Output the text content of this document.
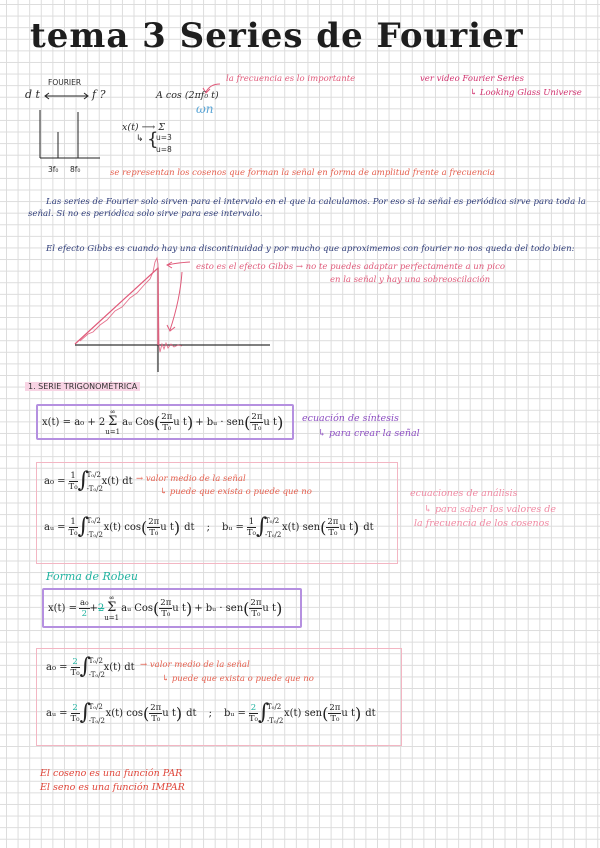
tema 3 Series de Fourier
FOURIER
d t	f ?
3f₀ 8f₀
A cos (2πf₀ t)
ωn
la frecuencia es lo importante	ver video Fourier Series
↳ Looking Glass Universe
x(t) ⟶ Σ
↳ {
u=3
u=8
se representan los cosenos que forman la señal en forma de amplitud frente a frecuencia
Las series de Fourier solo sirven para el intervalo en el que la calculamos. Por eso si la señal es periódica sirve para toda la señal. Si no es periódica solo sirve para ese intervalo.
El efecto Gibbs es cuando hay una discontinuidad y por mucho que aproximemos con fourier no nos queda del todo bien:
esto es el efecto Gibbs → no te puedes adaptar perfectamente a un pico
en la señal y hay una sobreoscilación
1. SERIE TRIGONOMÉTRICA
x(t) = a₀ + 2
∞
Σ
u=1
aᵤ Cos ( $\frac{2\pi}{\text{T₀}}$ u t ) + bᵤ · sen ( $\frac{2\pi}{\text{T₀}}$ u t ) ecuación de síntesis
↳ para crear la señal
$a_0 = \frac{1}{\text{T₀}}$ ∫
T₀/2
-T₀/2
x(t) dt → valor medio de la señal
↳ puede que exista o puede que no
aᵤ = $\frac{1}{\text{T₀}}$ ∫
T₀/2
-T₀/2
x(t) cos ( $\frac{2\pi}{\text{T₀}}$ u t ) dt ; bᵤ = $\frac{1}{\text{T₀}}$ ∫
T₀/2
-T₀/2
x(t) sen ( $\frac{2\pi}{\text{T₀}}$ u t ) dt
ecuaciones de análisis
↳ para saber los valores de
la frecuencia de los cosenos
Forma de Robeu
$x(t) = \frac{\text{a₀}}{2} + 2$
∞
Σ
u=1
aᵤ Cos ( $\frac{2\pi}{\text{T₀}}$ u t ) + bᵤ · sen ( $\frac{2\pi}{\text{T₀}}$ u t )
$a_0 = \frac{2}{\text{T₀}}$ ∫
T₀/2
-T₀/2
x(t) dt → valor medio de la señal
↳ puede que exista o puede que no
aᵤ = $\frac{2}{\text{T₀}}$ ∫
T₀/2
-T₀/2
x(t) cos ( $\frac{2\pi}{\text{T₀}}$ u t ) dt ; bᵤ = $\frac{2}{\text{T₀}}$ ∫
T₀/2
-T₀/2
x(t) sen ( $\frac{2\pi}{\text{T₀}}$ u t ) dt
El coseno es una función PAR
El seno es una función IMPAR
